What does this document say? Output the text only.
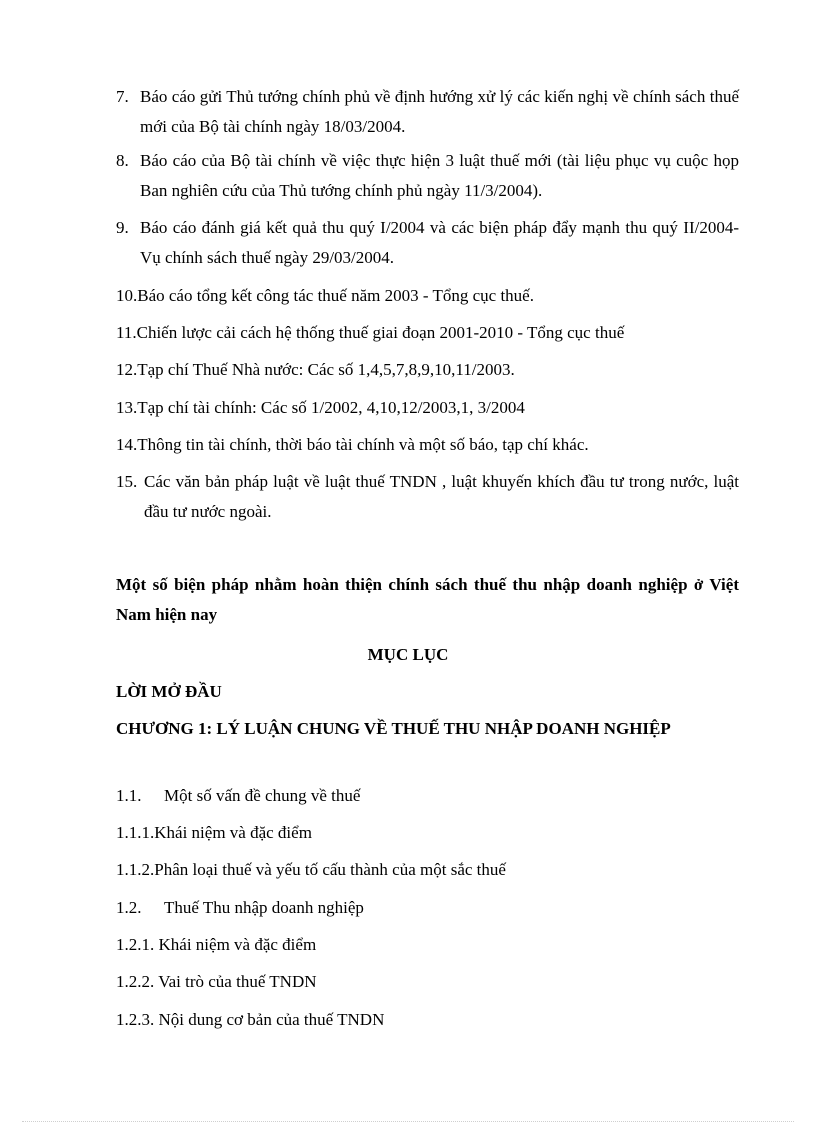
7. Báo cáo gửi Thủ tướng chính phủ về định hướng xử lý các kiến nghị về chính sách thuế mới của Bộ tài chính ngày 18/03/2004.
8. Báo cáo của Bộ tài chính về việc thực hiện 3 luật thuế mới (tài liệu phục vụ cuộc họp Ban nghiên cứu của Thủ tướng chính phủ ngày 11/3/2004).
9. Báo cáo đánh giá kết quả thu quý I/2004 và các biện pháp đẩy mạnh thu quý II/2004- Vụ chính sách thuế ngày 29/03/2004.
10.Báo cáo tổng kết công tác thuế năm 2003 - Tổng cục thuế.
11.Chiến lược cải cách hệ thống thuế giai đoạn 2001-2010 - Tổng cục thuế
12.Tạp chí Thuế Nhà nước: Các số 1,4,5,7,8,9,10,11/2003.
13.Tạp chí tài chính: Các số 1/2002, 4,10,12/2003,1, 3/2004
14.Thông tin tài chính, thời báo tài chính và một số báo, tạp chí khác.
15. Các văn bản pháp luật về luật thuế TNDN , luật khuyến khích đầu tư trong nước, luật đầu tư nước ngoài.
Một số biện pháp nhằm hoàn thiện chính sách thuế thu nhập doanh nghiệp ở Việt Nam hiện nay
MỤC LỤC
LỜI MỞ ĐẦU
CHƯƠNG 1: LÝ LUẬN CHUNG VỀ THUẾ THU NHẬP DOANH NGHIỆP
1.1. Một số vấn đề chung về thuế
1.1.1.Khái niệm và đặc điểm
1.1.2.Phân loại thuế và yếu tố cấu thành của một sắc thuế
1.2. Thuế Thu nhập doanh nghiệp
1.2.1. Khái niệm và đặc điểm
1.2.2. Vai trò của thuế TNDN
1.2.3. Nội dung cơ bản của thuế TNDN
